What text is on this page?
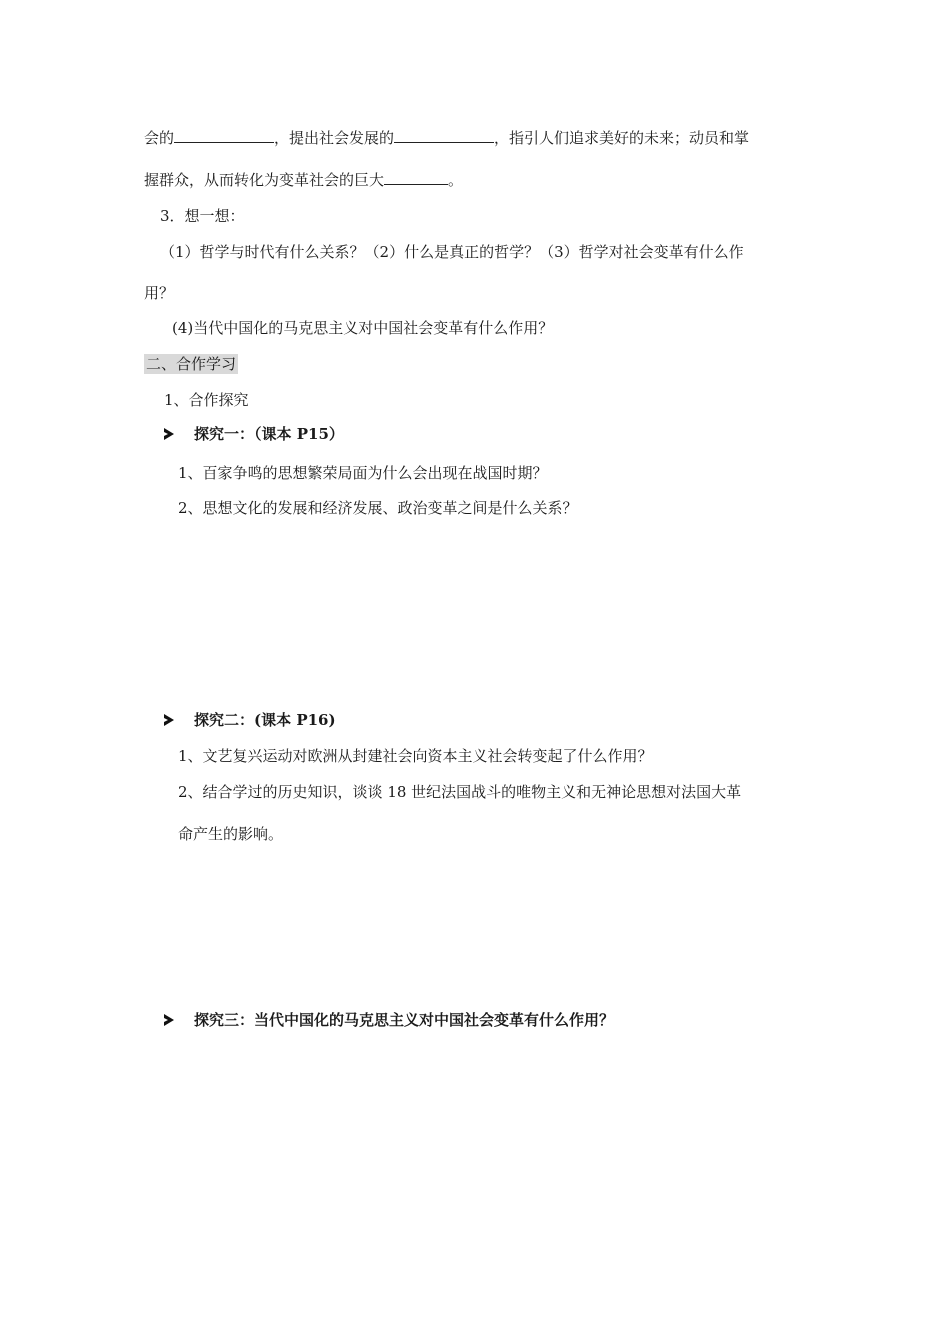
会的	，提出社会发展的	，指引人们追求美好的未来；动员和掌
握群众，从而转化为变革社会的巨大	。
3．想一想：
（1）哲学与时代有什么关系？（2）什么是真正的哲学？（3）哲学对社会变革有什么作
用？
(4)当代中国化的马克思主义对中国社会变革有什么作用？
二、合作学习
1、合作探究
探究一：（课本 P15）
1、百家争鸣的思想繁荣局面为什么会出现在战国时期？
2、思想文化的发展和经济发展、政治变革之间是什么关系？
探究二：(课本 P16)
1、文艺复兴运动对欧洲从封建社会向资本主义社会转变起了什么作用？
2、结合学过的历史知识，谈谈 18 世纪法国战斗的唯物主义和无神论思想对法国大革
命产生的影响。
探究三：当代中国化的马克思主义对中国社会变革有什么作用？
